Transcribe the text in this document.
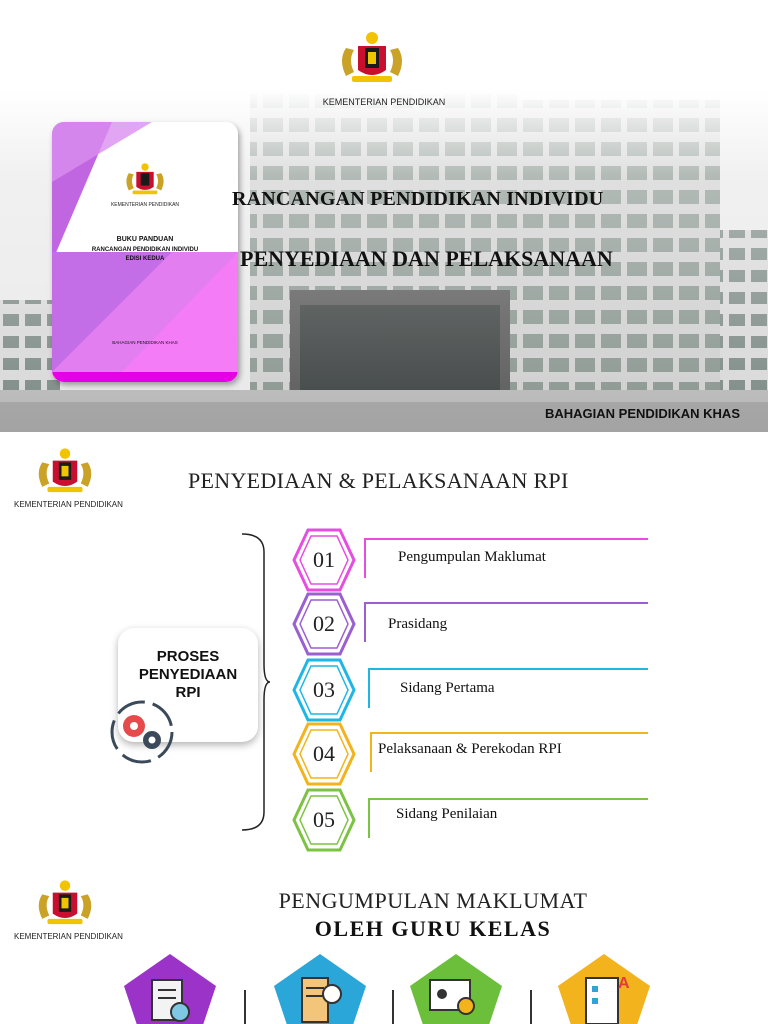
KEMENTERIAN PENDIDIKAN
KEMENTERIAN PENDIDIKAN
BUKU PANDUAN
RANCANGAN PENDIDIKAN INDIVIDU
EDISI KEDUA
BAHAGIAN PENDIDIKAN KHAS
RANCANGAN PENDIDIKAN INDIVIDU
PENYEDIAAN DAN PELAKSANAAN
BAHAGIAN PENDIDIKAN KHAS
KEMENTERIAN PENDIDIKAN
PENYEDIAAN & PELAKSANAAN RPI
PROSES
PENYEDIAAN
RPI
01	Pengumpulan Maklumat
02	Prasidang
03	Sidang Pertama
04	Pelaksanaan & Perekodan RPI
05	Sidang Penilaian
KEMENTERIAN PENDIDIKAN
PENGUMPULAN MAKLUMAT
OLEH GURU KELAS
A
